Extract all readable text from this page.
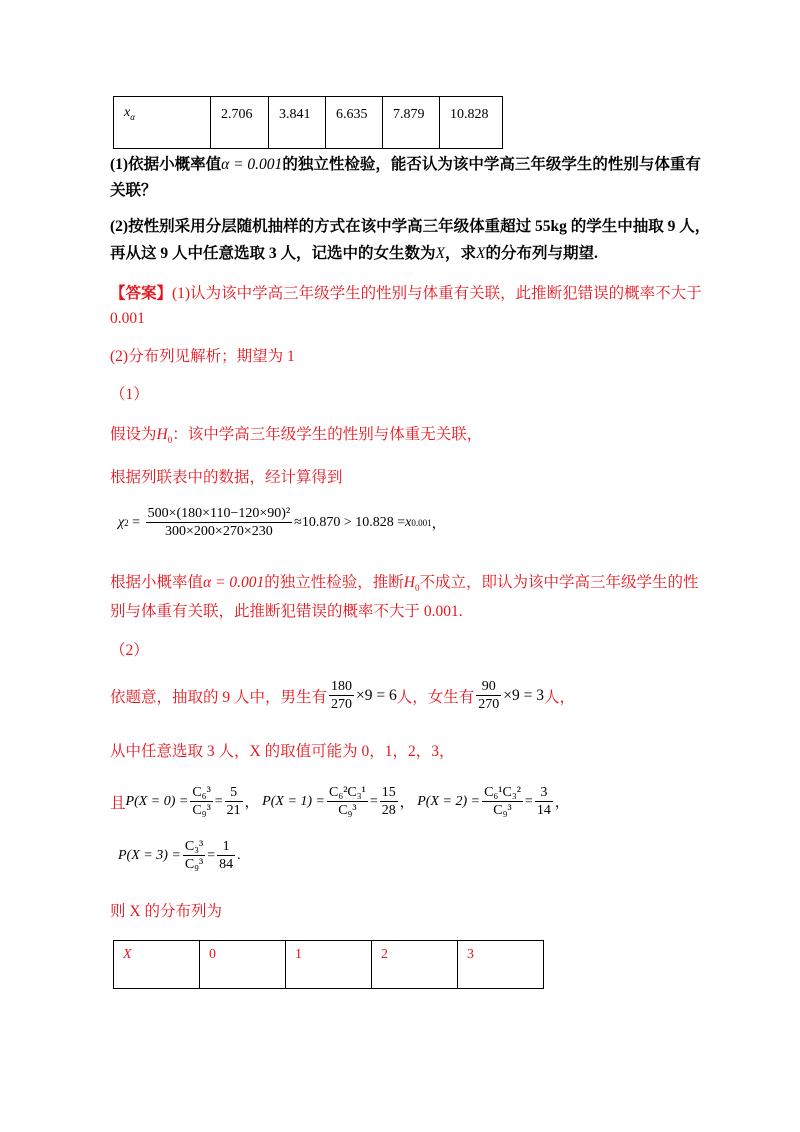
$x_\alpha$	2.706	3.841	6.635	7.879	10.828
(1)依据小概率值α = 0.001的独立性检验，能否认为该中学高三年级学生的性别与体重有
关联？
(2)按性别采用分层随机抽样的方式在该中学高三年级体重超过 55kg 的学生中抽取 9 人，
再从这 9 人中任意选取 3 人，记选中的女生数为X，求X的分布列与期望.
【答案】(1)认为该中学高三年级学生的性别与体重有关联，此推断犯错误的概率不大于
0.001
(2)分布列见解析；期望为 1
（1）
假设为$H_0$：该中学高三年级学生的性别与体重无关联，
根据列联表中的数据，经计算得到
χ $2 = \frac{\text{500×(180×110−120×90)²}}{300\times 200\times 270\times 230} \approx 10.870 > 10.828 = x$ 0.001 ，
根据小概率值α = 0.001的独立性检验，推断$H_0$不成立，即认为该中学高三年级学生的性
别与体重有关联，此推断犯错误的概率不大于 0.001.
（2）
依题意，抽取的 9 人中，男生有 $\frac{180}{270} \times 9 = 6$ 人，女生有 $\frac{90}{270} \times 9 = 3$ 人，
从中任意选取 3 人，X 的取值可能为 0，1，2，3，
且 $P(X = 0) = \frac{\text{C₆³}}{\text{C₉³}} = \frac{5}{21}$ ，
$P(X = 1) = \frac{\text{C₆²C₃¹}}{\text{C₉³}} = \frac{15}{28}$ ，
$P(X = 2) = \frac{\text{C₆¹C₃²}}{\text{C₉³}} = \frac{3}{14}$ ，
$P(X = 3) = \frac{\text{C₃³}}{\text{C₉³}} = \frac{1}{84}$ .
则 X 的分布列为
X	0	1	2	3
